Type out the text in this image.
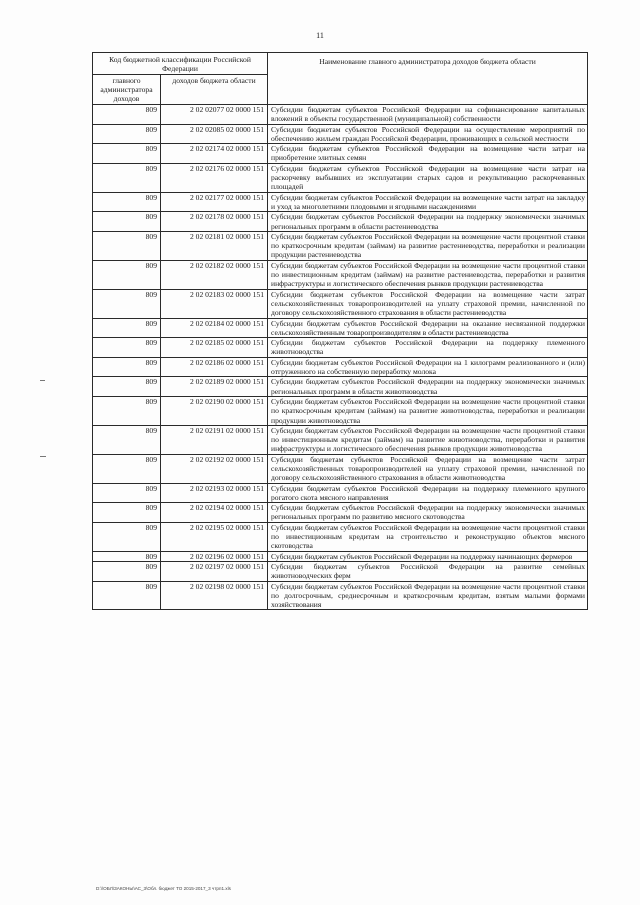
11
Код бюджетной классификации Российской Федерации		Наименование главного администратора доходов бюджета области
главного администратора доходов	доходов бюджета области	
809	2 02 02077 02 0000 151	Субсидии бюджетам субъектов Российской Федерации на софинансирование капитальных вложений в объекты государственной (муниципальной) собственности
809	2 02 02085 02 0000 151	Субсидии бюджетам субъектов Российской Федерации на осуществление мероприятий по обеспечению жильем граждан Российской Федерации, проживающих в сельской местности
809	2 02 02174 02 0000 151	Субсидии бюджетам субъектов Российской Федерации на возмещение части затрат на приобретение элитных семян
809	2 02 02176 02 0000 151	Субсидии бюджетам субъектов Российской Федерации на возмещение части затрат на раскорчевку выбывших из эксплуатации старых садов и рекультивацию раскорчеванных площадей
809	2 02 02177 02 0000 151	Субсидии бюджетам субъектов Российской Федерации на возмещение части затрат на закладку и уход за многолетними плодовыми и ягодными насаждениями
809	2 02 02178 02 0000 151	Субсидии бюджетам субъектов Российской Федерации на поддержку экономически значимых региональных программ в области растениеводства
809	2 02 02181 02 0000 151	Субсидии бюджетам субъектов Российской Федерации на возмещение части процентной ставки по краткосрочным кредитам (займам) на развитие растениеводства, переработки и реализации продукции растениеводства
809	2 02 02182 02 0000 151	Субсидии бюджетам субъектов Российской Федерации на возмещение части процентной ставки по инвестиционным кредитам (займам) на развитие растениеводства, переработки и развития инфраструктуры и логистического обеспечения рынков продукции растениеводства
809	2 02 02183 02 0000 151	Субсидии бюджетам субъектов Российской Федерации на возмещение части затрат сельскохозяйственных товаропроизводителей на уплату страховой премии, начисленной по договору сельскохозяйственного страхования в области растениеводства
809	2 02 02184 02 0000 151	Субсидии бюджетам субъектов Российской Федерации на оказание несвязанной поддержки сельскохозяйственным товаропроизводителям в области растениеводства
809	2 02 02185 02 0000 151	Субсидии бюджетам субъектов Российской Федерации на поддержку племенного животноводства
809	2 02 02186 02 0000 151	Субсидии бюджетам субъектов Российской Федерации на 1 килограмм реализованного и (или) отгруженного на собственную переработку молока
809	2 02 02189 02 0000 151	Субсидии бюджетам субъектов Российской Федерации на поддержку экономически значимых региональных программ в области животноводства
809	2 02 02190 02 0000 151	Субсидии бюджетам субъектов Российской Федерации на возмещение части процентной ставки по краткосрочным кредитам (займам) на развитие животноводства, переработки и реализации продукции животноводства
809	2 02 02191 02 0000 151	Субсидии бюджетам субъектов Российской Федерации на возмещение части процентной ставки по инвестиционным кредитам (займам) на развитие животноводства, переработки и развития инфраструктуры и логистического обеспечения рынков продукции животноводства
809	2 02 02192 02 0000 151	Субсидии бюджетам субъектов Российской Федерации на возмещение части затрат сельскохозяйственных товаропроизводителей на уплату страховой премии, начисленной по договору сельскохозяйственного страхования в области животноводства
809	2 02 02193 02 0000 151	Субсидии бюджетам субъектов Российской Федерации на поддержку племенного крупного рогатого скота мясного направления
809	2 02 02194 02 0000 151	Субсидии бюджетам субъектов Российской Федерации на поддержку экономически значимых региональных программ по развитию мясного скотоводства
809	2 02 02195 02 0000 151	Субсидии бюджетам субъектов Российской Федерации на возмещение части процентной ставки по инвестиционным кредитам на строительство и реконструкцию объектов мясного скотоводства
809	2 02 02196 02 0000 151	Субсидии бюджетам субъектов Российской Федерации на поддержку начинающих фермеров
809	2 02 02197 02 0000 151	Субсидии бюджетам субъектов Российской Федерации на развитие семейных животноводческих ферм
809	2 02 02198 02 0000 151	Субсидии бюджетам субъектов Российской Федерации на возмещение части процентной ставки по долгосрочным, среднесрочным и краткосрочным кредитам, взятым малыми формами хозяйствования
D:\\ОБЛ\ЗАКОНЫ\АС_3\Обл. бюджет ТО 2015-2017_3 чтрп1.xls
